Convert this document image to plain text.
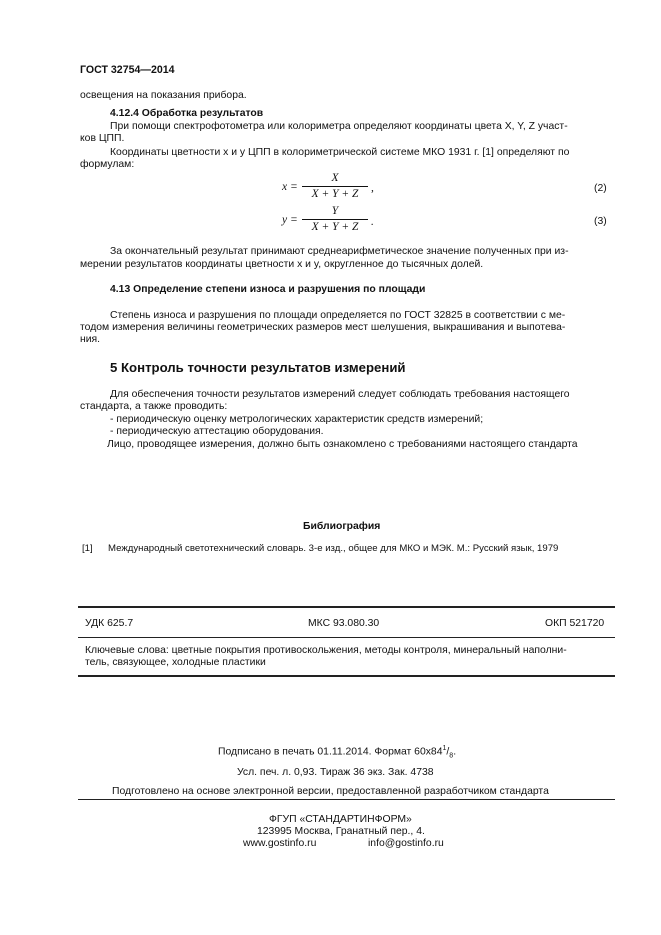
ГОСТ 32754—2014
освещения на показания прибора.
4.12.4 Обработка результатов
При помощи спектрофотометра или колориметра определяют координаты цвета X, Y, Z участ-
ков ЦПП.
Координаты цветности x и y ЦПП в колориметрической системе МКО 1931 г. [1] определяют по
формулам:
x =
X
X + Y + Z	,	(2)
y =
Y
X + Y + Z	.	(3)
За окончательный результат принимают среднеарифметическое значение полученных при из-
мерении результатов координаты цветности x и y, округленное до тысячных долей.
4.13 Определение степени износа и разрушения по площади
Степень износа и разрушения по площади определяется по ГОСТ 32825 в соответствии с ме-
тодом измерения величины геометрических размеров мест шелушения, выкрашивания и выпотева-
ния.
5 Контроль точности результатов измерений
Для обеспечения точности результатов измерений следует соблюдать требования настоящего
стандарта, а также проводить:
- периодическую оценку метрологических характеристик средств измерений;
- периодическую аттестацию оборудования.
Лицо, проводящее измерения, должно быть ознакомлено с требованиями настоящего стандарта
Библиография
[1] Международный светотехнический словарь. 3-е изд., общее для МКО и МЭК. М.: Русский язык, 1979
УДК 625.7	МКС 93.080.30	ОКП 521720
Ключевые слова: цветные покрытия противоскольжения, методы контроля, минеральный наполни-
тель, связующее, холодные пластики
Подписано в печать 01.11.2014. Формат $60х84^1/_8$.
Усл. печ. л. 0,93. Тираж 36 экз. Зак. 4738
Подготовлено на основе электронной версии, предоставленной разработчиком стандарта
ФГУП «СТАНДАРТИНФОРМ»
123995 Москва, Гранатный пер., 4.
www.gostinfo.ru	info@gostinfo.ru
